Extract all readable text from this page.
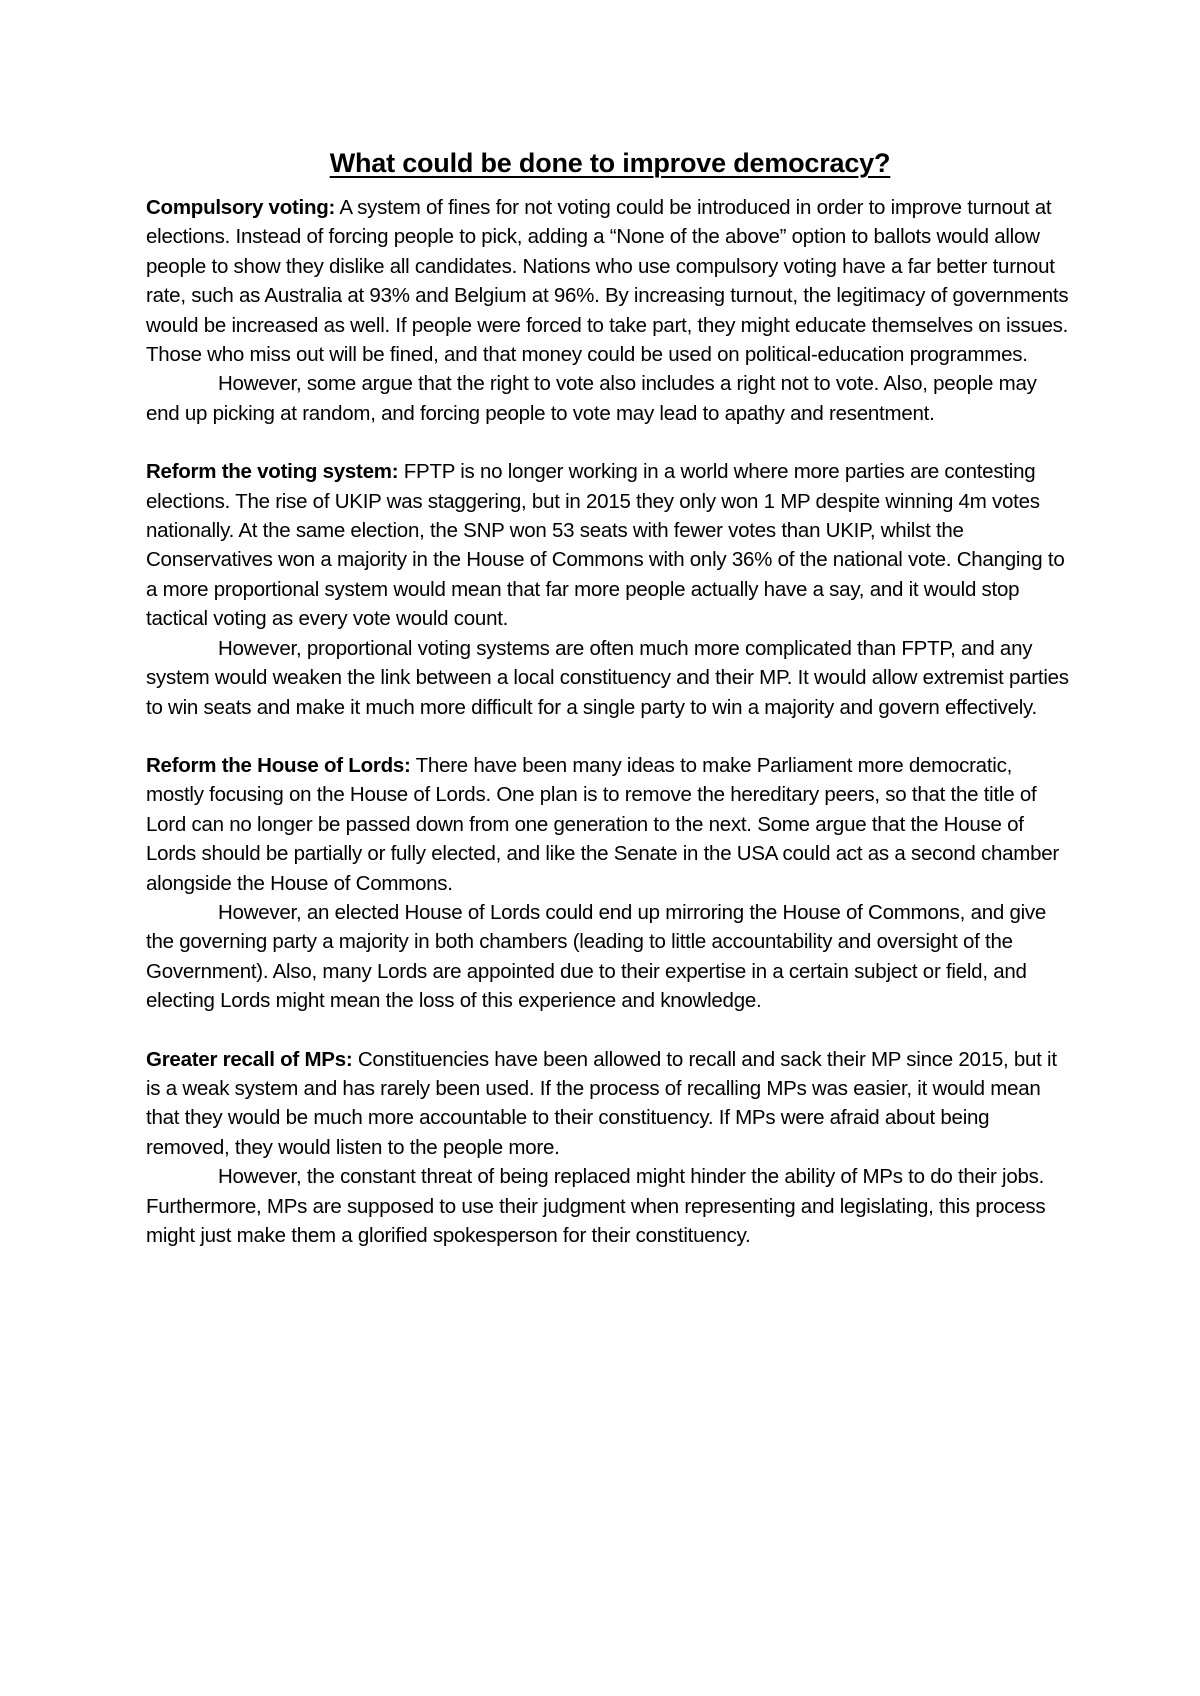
What could be done to improve democracy?

Compulsory voting: A system of fines for not voting could be introduced in order to improve turnout at elections. Instead of forcing people to pick, adding a “None of the above” option to ballots would allow people to show they dislike all candidates. Nations who use compulsory voting have a far better turnout rate, such as Australia at 93% and Belgium at 96%. By increasing turnout, the legitimacy of governments would be increased as well. If people were forced to take part, they might educate themselves on issues. Those who miss out will be fined, and that money could be used on political-education programmes.

However, some argue that the right to vote also includes a right not to vote. Also, people may end up picking at random, and forcing people to vote may lead to apathy and resentment.

Reform the voting system: FPTP is no longer working in a world where more parties are contesting elections. The rise of UKIP was staggering, but in 2015 they only won 1 MP despite winning 4m votes nationally. At the same election, the SNP won 53 seats with fewer votes than UKIP, whilst the Conservatives won a majority in the House of Commons with only 36% of the national vote. Changing to a more proportional system would mean that far more people actually have a say, and it would stop tactical voting as every vote would count.

However, proportional voting systems are often much more complicated than FPTP, and any system would weaken the link between a local constituency and their MP. It would allow extremist parties to win seats and make it much more difficult for a single party to win a majority and govern effectively.

Reform the House of Lords: There have been many ideas to make Parliament more democratic, mostly focusing on the House of Lords. One plan is to remove the hereditary peers, so that the title of Lord can no longer be passed down from one generation to the next. Some argue that the House of Lords should be partially or fully elected, and like the Senate in the USA could act as a second chamber alongside the House of Commons.

However, an elected House of Lords could end up mirroring the House of Commons, and give the governing party a majority in both chambers (leading to little accountability and oversight of the Government). Also, many Lords are appointed due to their expertise in a certain subject or field, and electing Lords might mean the loss of this experience and knowledge.

Greater recall of MPs: Constituencies have been allowed to recall and sack their MP since 2015, but it is a weak system and has rarely been used. If the process of recalling MPs was easier, it would mean that they would be much more accountable to their constituency. If MPs were afraid about being removed, they would listen to the people more.

However, the constant threat of being replaced might hinder the ability of MPs to do their jobs. Furthermore, MPs are supposed to use their judgment when representing and legislating, this process might just make them a glorified spokesperson for their constituency.
